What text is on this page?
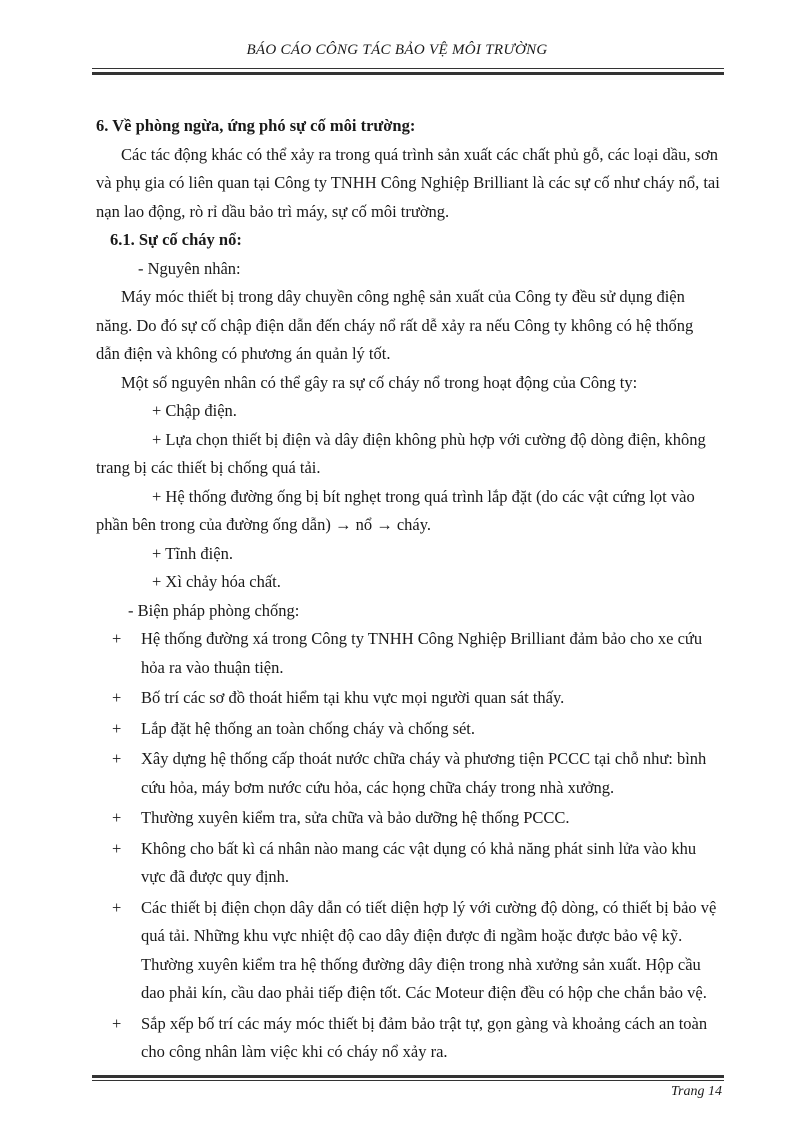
BÁO CÁO CÔNG TÁC BẢO VỆ MÔI TRƯỜNG

6. Về phòng ngừa, ứng phó sự cố môi trường:

Các tác động khác có thể xảy ra trong quá trình sản xuất các chất phủ gỗ, các loại dầu, sơn và phụ gia có liên quan tại Công ty TNHH Công Nghiệp Brilliant là các sự cố như cháy nổ, tai nạn lao động, rò rỉ dầu bảo trì máy, sự cố môi trường.

6.1. Sự cố cháy nổ:

- Nguyên nhân:

Máy móc thiết bị trong dây chuyền công nghệ sản xuất của Công ty đều sử dụng điện năng. Do đó sự cố chập điện dẫn đến cháy nổ rất dễ xảy ra nếu Công ty không có hệ thống dẫn điện và không có phương án quản lý tốt.

Một số nguyên nhân có thể gây ra sự cố cháy nổ trong hoạt động của Công ty:

+ Chập điện.

+ Lựa chọn thiết bị điện và dây điện không phù hợp với cường độ dòng điện, không trang bị các thiết bị chống quá tải.

+ Hệ thống đường ống bị bít nghẹt trong quá trình lắp đặt (do các vật cứng lọt vào phần bên trong của đường ống dẫn) → nổ → cháy.

+ Tĩnh điện.

+ Xì chảy hóa chất.

- Biện pháp phòng chống:

+ Hệ thống đường xá trong Công ty TNHH Công Nghiệp Brilliant đảm bảo cho xe cứu hỏa ra vào thuận tiện.

+ Bố trí các sơ đồ thoát hiểm tại khu vực mọi người quan sát thấy.

+ Lắp đặt hệ thống an toàn chống cháy và chống sét.

+ Xây dựng hệ thống cấp thoát nước chữa cháy và phương tiện PCCC tại chỗ như: bình cứu hỏa, máy bơm nước cứu hỏa, các họng chữa cháy trong nhà xưởng.

+ Thường xuyên kiểm tra, sửa chữa và bảo dưỡng hệ thống PCCC.

+ Không cho bất kì cá nhân nào mang các vật dụng có khả năng phát sinh lửa vào khu vực đã được quy định.

+ Các thiết bị điện chọn dây dẫn có tiết diện hợp lý với cường độ dòng, có thiết bị bảo vệ quá tải. Những khu vực nhiệt độ cao dây điện được đi ngầm hoặc được bảo vệ kỹ. Thường xuyên kiểm tra hệ thống đường dây điện trong nhà xưởng sản xuất. Hộp cầu dao phải kín, cầu dao phải tiếp điện tốt. Các Moteur điện đều có hộp che chắn bảo vệ.

+ Sắp xếp bố trí các máy móc thiết bị đảm bảo trật tự, gọn gàng và khoảng cách an toàn cho công nhân làm việc khi có cháy nổ xảy ra.

Trang 14
